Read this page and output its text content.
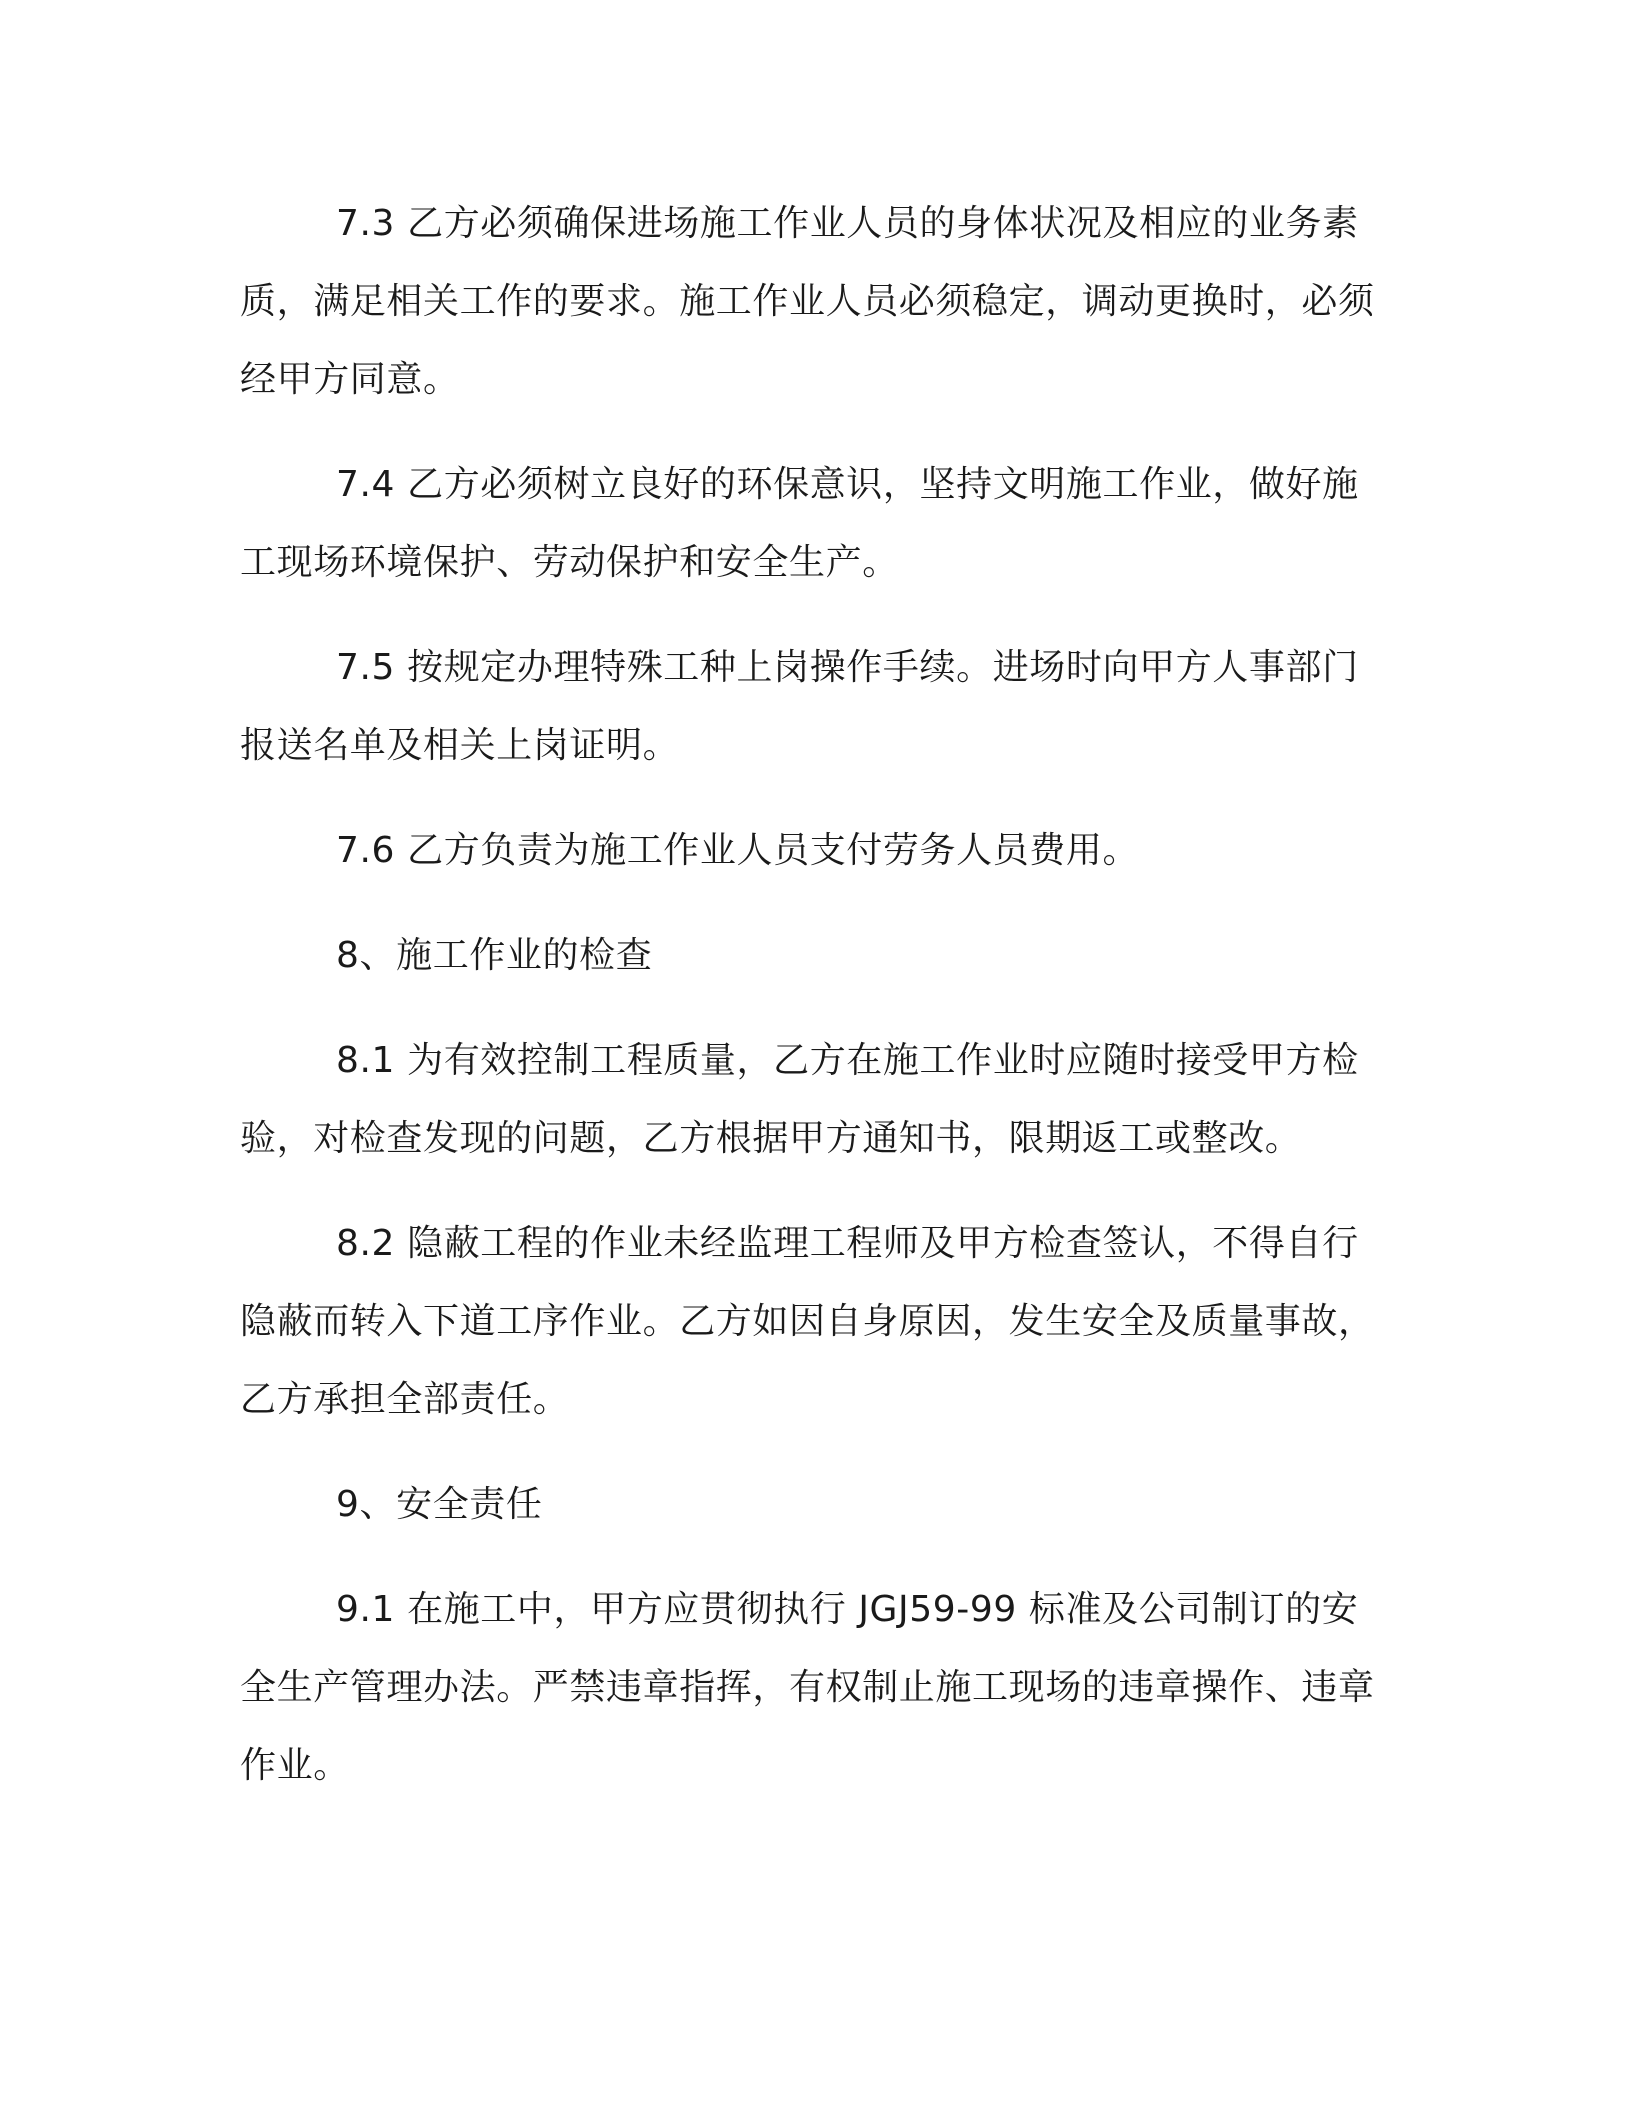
7.3 乙方必须确保进场施工作业人员的身体状况及相应的业务素质，满足相关工作的要求。施工作业人员必须稳定，调动更换时，必须经甲方同意。

7.4 乙方必须树立良好的环保意识，坚持文明施工作业，做好施工现场环境保护、劳动保护和安全生产。

7.5 按规定办理特殊工种上岗操作手续。进场时向甲方人事部门报送名单及相关上岗证明。

7.6 乙方负责为施工作业人员支付劳务人员费用。

8、施工作业的检查

8.1 为有效控制工程质量，乙方在施工作业时应随时接受甲方检验，对检查发现的问题，乙方根据甲方通知书，限期返工或整改。

8.2 隐蔽工程的作业未经监理工程师及甲方检查签认，不得自行隐蔽而转入下道工序作业。乙方如因自身原因，发生安全及质量事故，乙方承担全部责任。

9、安全责任

9.1 在施工中，甲方应贯彻执行 JGJ59-99 标准及公司制订的安全生产管理办法。严禁违章指挥，有权制止施工现场的违章操作、违章作业。
